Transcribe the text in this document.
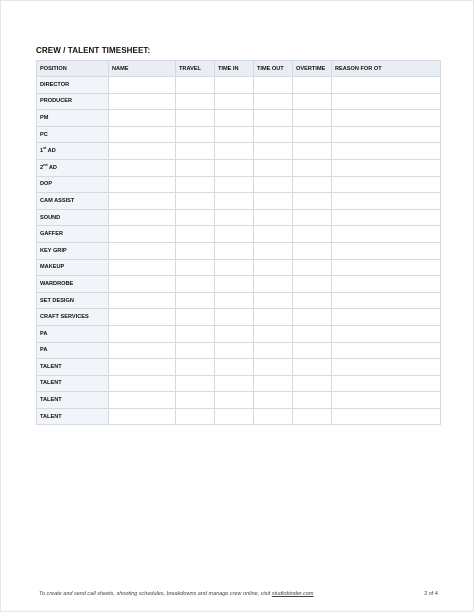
CREW / TALENT TIMESHEET:
POSITION	NAME	TRAVEL	TIME IN	TIME OUT	OVERTIME	REASON FOR OT
DIRECTOR						
PRODUCER						
PM						
PC						
1st AD						
2nd AD						
DOP						
CAM ASSIST						
SOUND						
GAFFER						
KEY GRIP						
MAKEUP						
WARDROBE						
SET DESIGN						
CRAFT SERVICES						
PA						
PA						
TALENT						
TALENT						
TALENT						
TALENT						
To create and send call sheets, shooting schedules, breakdowns and manage crew online, visit studiobinder.com	2 of 4
